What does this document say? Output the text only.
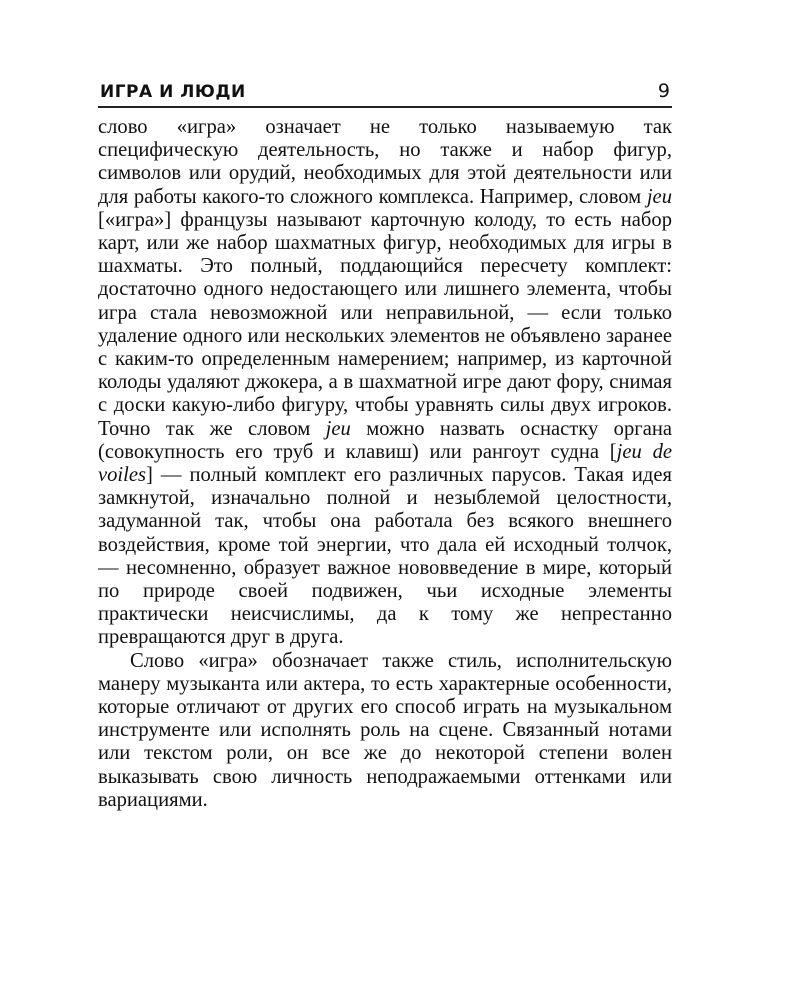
ИГРА И ЛЮДИ	9

слово «игра» означает не только называемую так специфическую деятельность, но также и набор фигур, символов или орудий, необходимых для этой деятельности или для работы какого-то сложного комплекса. Например, словом jeu [«игра»] французы называют карточную колоду, то есть набор карт, или же набор шахматных фигур, необходимых для игры в шахматы. Это полный, поддающийся пересчету комплект: достаточно одного недостающего или лишнего элемента, чтобы игра стала невозможной или неправильной, — если только удаление одного или нескольких элементов не объявлено заранее с каким-то определенным намерением; например, из карточной колоды удаляют джокера, а в шахматной игре дают фору, снимая с доски какую-либо фигуру, чтобы уравнять силы двух игроков. Точно так же словом jeu можно назвать оснастку органа (совокупность его труб и клавиш) или рангоут судна [jeu de voiles] — полный комплект его различных парусов. Такая идея замкнутой, изначально полной и незыблемой целостности, задуманной так, чтобы она работала без всякого внешнего воздействия, кроме той энергии, что дала ей исходный толчок, — несомненно, образует важное нововведение в мире, который по природе своей подвижен, чьи исходные элементы практически неисчислимы, да к тому же непрестанно превращаются друг в друга.

Слово «игра» обозначает также стиль, исполнительскую манеру музыканта или актера, то есть характерные особенности, которые отличают от других его способ играть на музыкальном инструменте или исполнять роль на сцене. Связанный нотами или текстом роли, он все же до некоторой степени волен выказывать свою личность неподражаемыми оттенками или вариациями.
